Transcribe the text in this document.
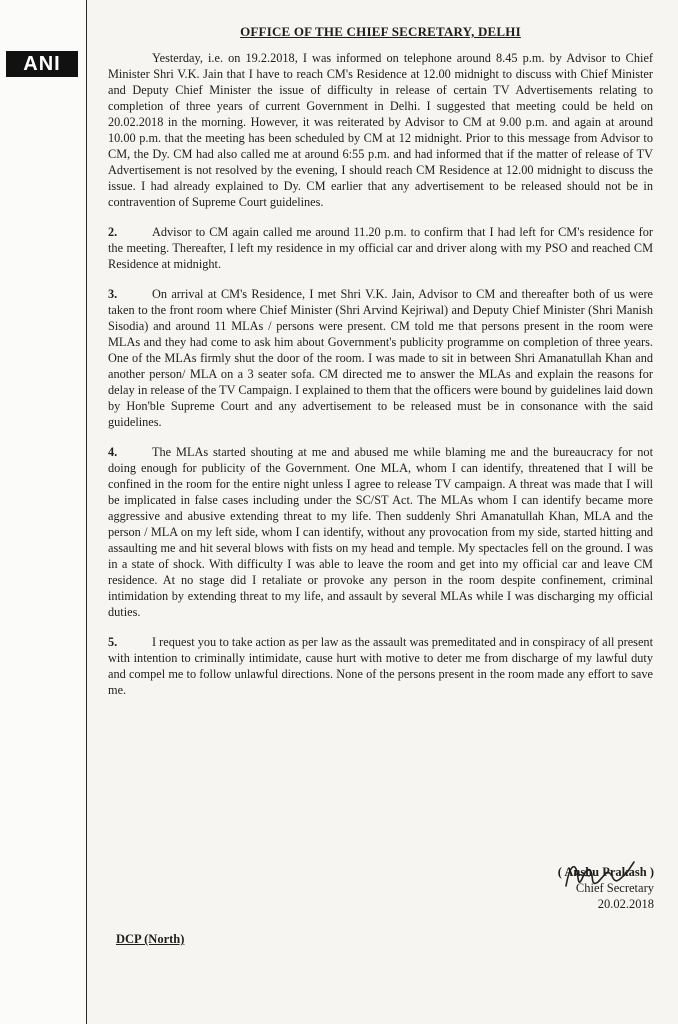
ANI
OFFICE OF THE CHIEF SECRETARY, DELHI

Yesterday, i.e. on 19.2.2018, I was informed on telephone around 8.45 p.m. by Advisor to Chief Minister Shri V.K. Jain that I have to reach CM's Residence at 12.00 midnight to discuss with Chief Minister and Deputy Chief Minister the issue of difficulty in release of certain TV Advertisements relating to completion of three years of current Government in Delhi. I suggested that meeting could be held on 20.02.2018 in the morning. However, it was reiterated by Advisor to CM at 9.00 p.m. and again at around 10.00 p.m. that the meeting has been scheduled by CM at 12 midnight. Prior to this message from Advisor to CM, the Dy. CM had also called me at around 6:55 p.m. and had informed that if the matter of release of TV Advertisement is not resolved by the evening, I should reach CM Residence at 12.00 midnight to discuss the issue. I had already explained to Dy. CM earlier that any advertisement to be released should not be in contravention of Supreme Court guidelines.

2.	Advisor to CM again called me around 11.20 p.m. to confirm that I had left for CM's residence for the meeting. Thereafter, I left my residence in my official car and driver along with my PSO and reached CM Residence at midnight.

3.	On arrival at CM's Residence, I met Shri V.K. Jain, Advisor to CM and thereafter both of us were taken to the front room where Chief Minister (Shri Arvind Kejriwal) and Deputy Chief Minister (Shri Manish Sisodia) and around 11 MLAs / persons were present. CM told me that persons present in the room were MLAs and they had come to ask him about Government's publicity programme on completion of three years. One of the MLAs firmly shut the door of the room. I was made to sit in between Shri Amanatullah Khan and another person/ MLA on a 3 seater sofa. CM directed me to answer the MLAs and explain the reasons for delay in release of the TV Campaign. I explained to them that the officers were bound by guidelines laid down by Hon'ble Supreme Court and any advertisement to be released must be in consonance with the said guidelines.

4.	The MLAs started shouting at me and abused me while blaming me and the bureaucracy for not doing enough for publicity of the Government. One MLA, whom I can identify, threatened that I will be confined in the room for the entire night unless I agree to release TV campaign. A threat was made that I will be implicated in false cases including under the SC/ST Act. The MLAs whom I can identify became more aggressive and abusive extending threat to my life. Then suddenly Shri Amanatullah Khan, MLA and the person / MLA on my left side, whom I can identify, without any provocation from my side, started hitting and assaulting me and hit several blows with fists on my head and temple. My spectacles fell on the ground. I was in a state of shock. With difficulty I was able to leave the room and get into my official car and leave CM residence. At no stage did I retaliate or provoke any person in the room despite confinement, criminal intimidation by extending threat to my life, and assault by several MLAs while I was discharging my official duties.

5.	I request you to take action as per law as the assault was premeditated and in conspiracy of all present with intention to criminally intimidate, cause hurt with motive to deter me from discharge of my lawful duty and compel me to follow unlawful directions. None of the persons present in the room made any effort to save me.

( Anshu Prakash )
Chief Secretary
20.02.2018
DCP (North)
